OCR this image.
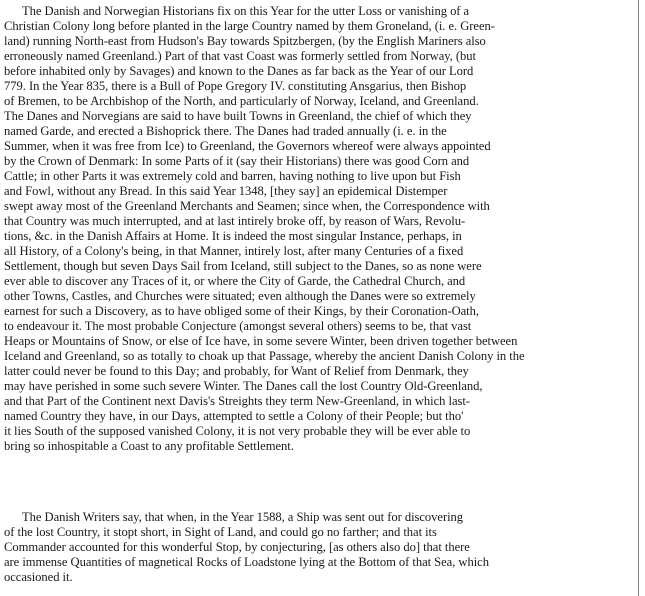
The Danish and Norwegian Historians fix on this Year for the utter Loss or vanishing of a
Christian Colony long before planted in the large Country named by them Groneland, (i. e. Green-
land) running North-east from Hudson's Bay towards Spitzbergen, (by the English Mariners also
erroneously named Greenland.) Part of that vast Coast was formerly settled from Norway, (but
before inhabited only by Savages) and known to the Danes as far back as the Year of our Lord
779. In the Year 835, there is a Bull of Pope Gregory IV. constituting Ansgarius, then Bishop
of Bremen, to be Archbishop of the North, and particularly of Norway, Iceland, and Greenland.
The Danes and Norvegians are said to have built Towns in Greenland, the chief of which they
named Garde, and erected a Bishoprick there. The Danes had traded annually (i. e. in the
Summer, when it was free from Ice) to Greenland, the Governors whereof were always appointed
by the Crown of Denmark: In some Parts of it (say their Historians) there was good Corn and
Cattle; in other Parts it was extremely cold and barren, having nothing to live upon but Fish
and Fowl, without any Bread. In this said Year 1348, [they say] an epidemical Distemper
swept away most of the Greenland Merchants and Seamen; since when, the Correspondence with
that Country was much interrupted, and at last intirely broke off, by reason of Wars, Revolu-
tions, &c. in the Danish Affairs at Home. It is indeed the most singular Instance, perhaps, in
all History, of a Colony's being, in that Manner, intirely lost, after many Centuries of a fixed
Settlement, though but seven Days Sail from Iceland, still subject to the Danes, so as none were
ever able to discover any Traces of it, or where the City of Garde, the Cathedral Church, and
other Towns, Castles, and Churches were situated; even although the Danes were so extremely
earnest for such a Discovery, as to have obliged some of their Kings, by their Coronation-Oath,
to endeavour it. The most probable Conjecture (amongst several others) seems to be, that vast
Heaps or Mountains of Snow, or else of Ice have, in some severe Winter, been driven together between
Iceland and Greenland, so as totally to choak up that Passage, whereby the ancient Danish Colony in the
latter could never be found to this Day; and probably, for Want of Relief from Denmark, they
may have perished in some such severe Winter. The Danes call the lost Country Old-Greenland,
and that Part of the Continent next Davis's Streights they term New-Greenland, in which last-
named Country they have, in our Days, attempted to settle a Colony of their People; but tho'
it lies South of the supposed vanished Colony, it is not very probable they will be ever able to
bring so inhospitable a Coast to any profitable Settlement.
The Danish Writers say, that when, in the Year 1588, a Ship was sent out for discovering
of the lost Country, it stopt short, in Sight of Land, and could go no farther; and that its
Commander accounted for this wonderful Stop, by conjecturing, [as others also do] that there
are immense Quantities of magnetical Rocks of Loadstone lying at the Bottom of that Sea, which
occasioned it.
